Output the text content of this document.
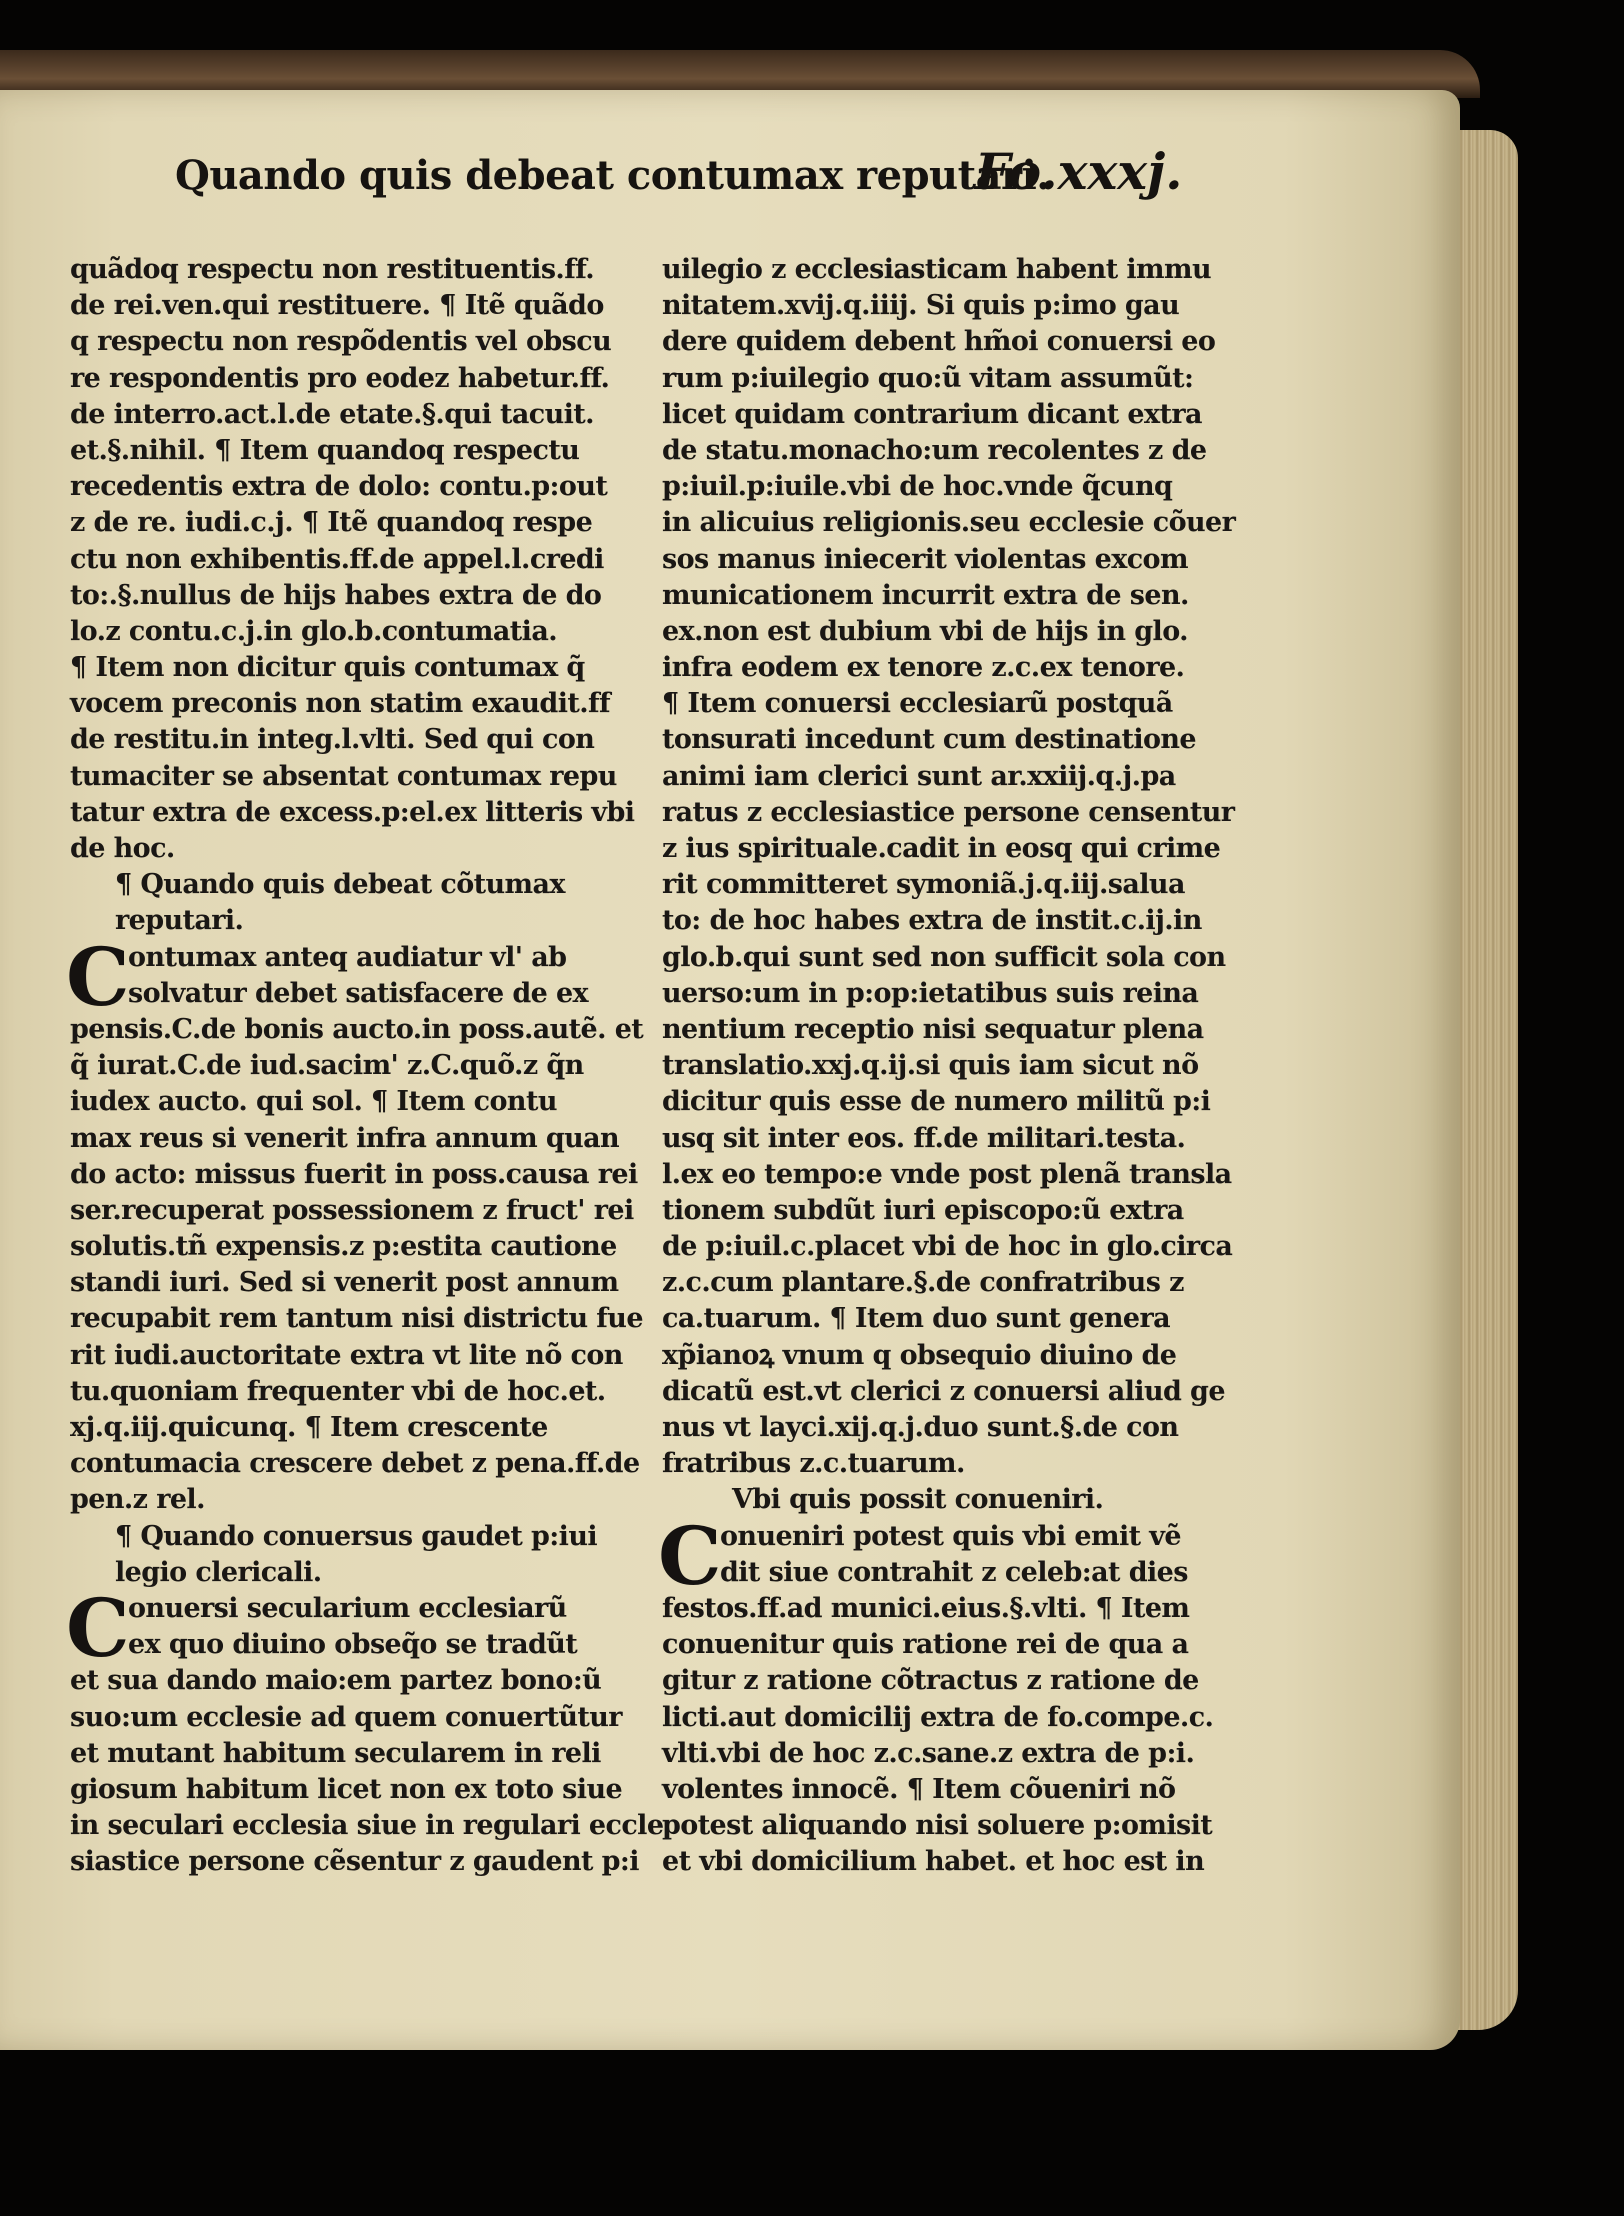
Quando quis debeat contumax reputari.
Fo.xxxj.
quãdoq respectu non restituentis.ff.
de rei.ven.qui restituere. ¶ Itẽ quãdo
q respectu non respõdentis vel obscu
re respondentis pro eodez habetur.ff.
de interro.act.l.de etate.§.qui tacuit.
et.§.nihil. ¶ Item quandoq respectu
recedentis extra de dolo: contu.p:out
z de re. iudi.c.j. ¶ Itẽ quandoq respe
ctu non exhibentis.ff.de appel.l.credi
to:.§.nullus de hijs habes extra de do
lo.z contu.c.j.in glo.b.contumatia.
¶ Item non dicitur quis contumax q̃
vocem preconis non statim exaudit.ff
de restitu.in integ.l.vlti. Sed qui con
tumaciter se absentat contumax repu
tatur extra de excess.p:el.ex litteris vbi
de hoc.
¶ Quando quis debeat cõtumax
reputari.
C
ontumax anteq audiatur vl' ab
solvatur debet satisfacere de ex
pensis.C.de bonis aucto.in poss.autẽ. et
q̃ iurat.C.de iud.sacim' z.C.quõ.z q̃n
iudex aucto. qui sol. ¶ Item contu
max reus si venerit infra annum quan
do acto: missus fuerit in poss.causa rei
ser.recuperat possessionem z fruct' rei
solutis.tñ expensis.z p:estita cautione
standi iuri. Sed si venerit post annum
recupabit rem tantum nisi districtu fue
rit iudi.auctoritate extra vt lite nõ con
tu.quoniam frequenter vbi de hoc.et.
xj.q.iij.quicunq. ¶ Item crescente
contumacia crescere debet z pena.ff.de
pen.z rel.
¶ Quando conuersus gaudet p:iui
legio clericali.
C
onuersi secularium ecclesiarũ
ex quo diuino obseq̃o se tradũt
et sua dando maio:em partez bono:ũ
suo:um ecclesie ad quem conuertũtur
et mutant habitum secularem in reli
giosum habitum licet non ex toto siue
in seculari ecclesia siue in regulari eccle
siastice persone cẽsentur z gaudent p:i
uilegio z ecclesiasticam habent immu
nitatem.xvij.q.iiij. Si quis p:imo gau
dere quidem debent hm̃oi conuersi eo
rum p:iuilegio quo:ũ vitam assumũt:
licet quidam contrarium dicant extra
de statu.monacho:um recolentes z de
p:iuil.p:iuile.vbi de hoc.vnde q̃cunq
in alicuius religionis.seu ecclesie cõuer
sos manus iniecerit violentas excom
municationem incurrit extra de sen.
ex.non est dubium vbi de hijs in glo.
infra eodem ex tenore z.c.ex tenore.
¶ Item conuersi ecclesiarũ postquã
tonsurati incedunt cum destinatione
animi iam clerici sunt ar.xxiij.q.j.pa
ratus z ecclesiastice persone censentur
z ius spirituale.cadit in eosq qui crime
rit committeret symoniã.j.q.iij.salua
to: de hoc habes extra de instit.c.ij.in
glo.b.qui sunt sed non sufficit sola con
uerso:um in p:op:ietatibus suis reina
nentium receptio nisi sequatur plena
translatio.xxj.q.ij.si quis iam sicut nõ
dicitur quis esse de numero militũ p:i
usq sit inter eos. ff.de militari.testa.
l.ex eo tempo:e vnde post plenã transla
tionem subdũt iuri episcopo:ũ extra
de p:iuil.c.placet vbi de hoc in glo.circa
z.c.cum plantare.§.de confratribus z
ca.tuarum. ¶ Item duo sunt genera
xp̃ianoꝝ vnum q obsequio diuino de
dicatũ est.vt clerici z conuersi aliud ge
nus vt layci.xij.q.j.duo sunt.§.de con
fratribus z.c.tuarum.
Vbi quis possit conueniri.
C
onueniri potest quis vbi emit vẽ
dit siue contrahit z celeb:at dies
festos.ff.ad munici.eius.§.vlti. ¶ Item
conuenitur quis ratione rei de qua a
gitur z ratione cõtractus z ratione de
licti.aut domicilij extra de fo.compe.c.
vlti.vbi de hoc z.c.sane.z extra de p:i.
volentes innocẽ. ¶ Item cõueniri nõ
potest aliquando nisi soluere p:omisit
et vbi domicilium habet. et hoc est in
